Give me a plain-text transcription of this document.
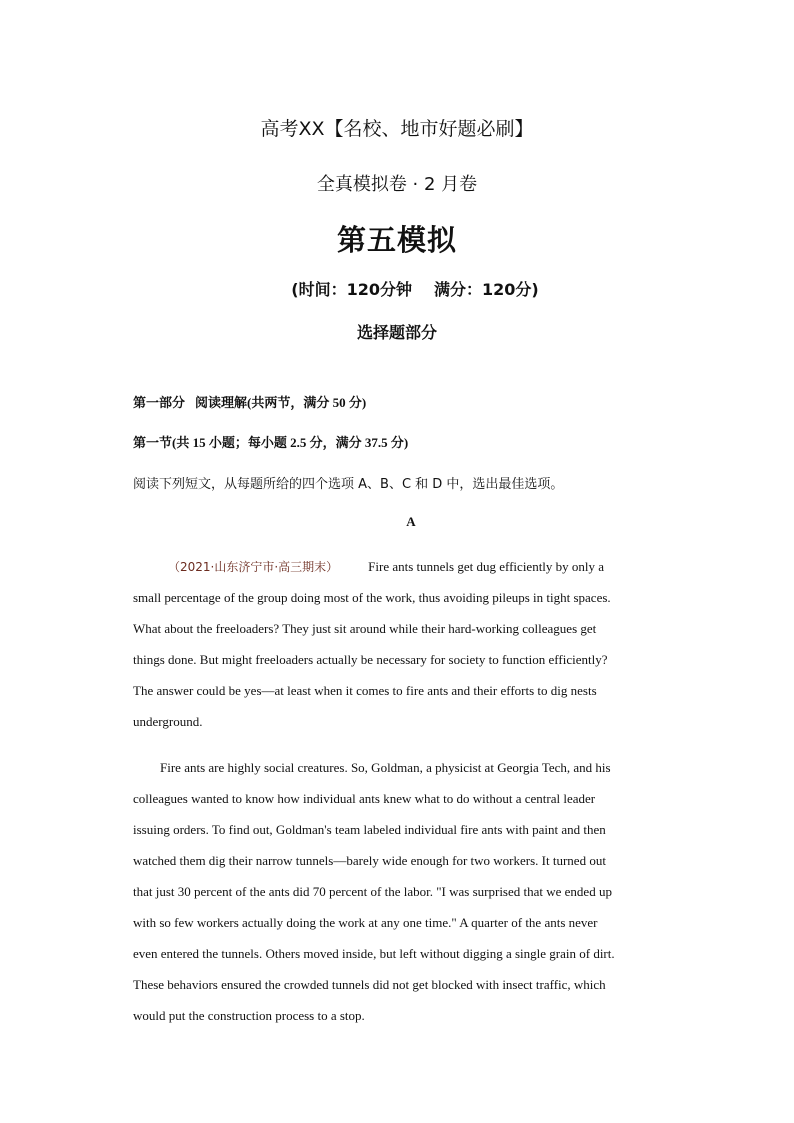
高考XX【名校、地市好题必刷】
全真模拟卷 · 2 月卷
第五模拟
(时间：120分钟 满分：120分)
选择题部分
第一部分 阅读理解(共两节，满分 50 分)
第一节(共 15 小题；每小题 2.5 分，满分 37.5 分)
阅读下列短文，从每题所给的四个选项 A、B、C 和 D 中，选出最佳选项。
A
（2021·山东济宁市·高三期末） Fire ants tunnels get dug efficiently by only a
small percentage of the group doing most of the work, thus avoiding pileups in tight spaces.
What about the freeloaders? They just sit around while their hard-working colleagues get
things done. But might freeloaders actually be necessary for society to function efficiently?
The answer could be yes—at least when it comes to fire ants and their efforts to dig nests
underground.
Fire ants are highly social creatures. So, Goldman, a physicist at Georgia Tech, and his
colleagues wanted to know how individual ants knew what to do without a central leader
issuing orders. To find out, Goldman's team labeled individual fire ants with paint and then
watched them dig their narrow tunnels—barely wide enough for two workers. It turned out
that just 30 percent of the ants did 70 percent of the labor. "I was surprised that we ended up
with so few workers actually doing the work at any one time." A quarter of the ants never
even entered the tunnels. Others moved inside, but left without digging a single grain of dirt.
These behaviors ensured the crowded tunnels did not get blocked with insect traffic, which
would put the construction process to a stop.
